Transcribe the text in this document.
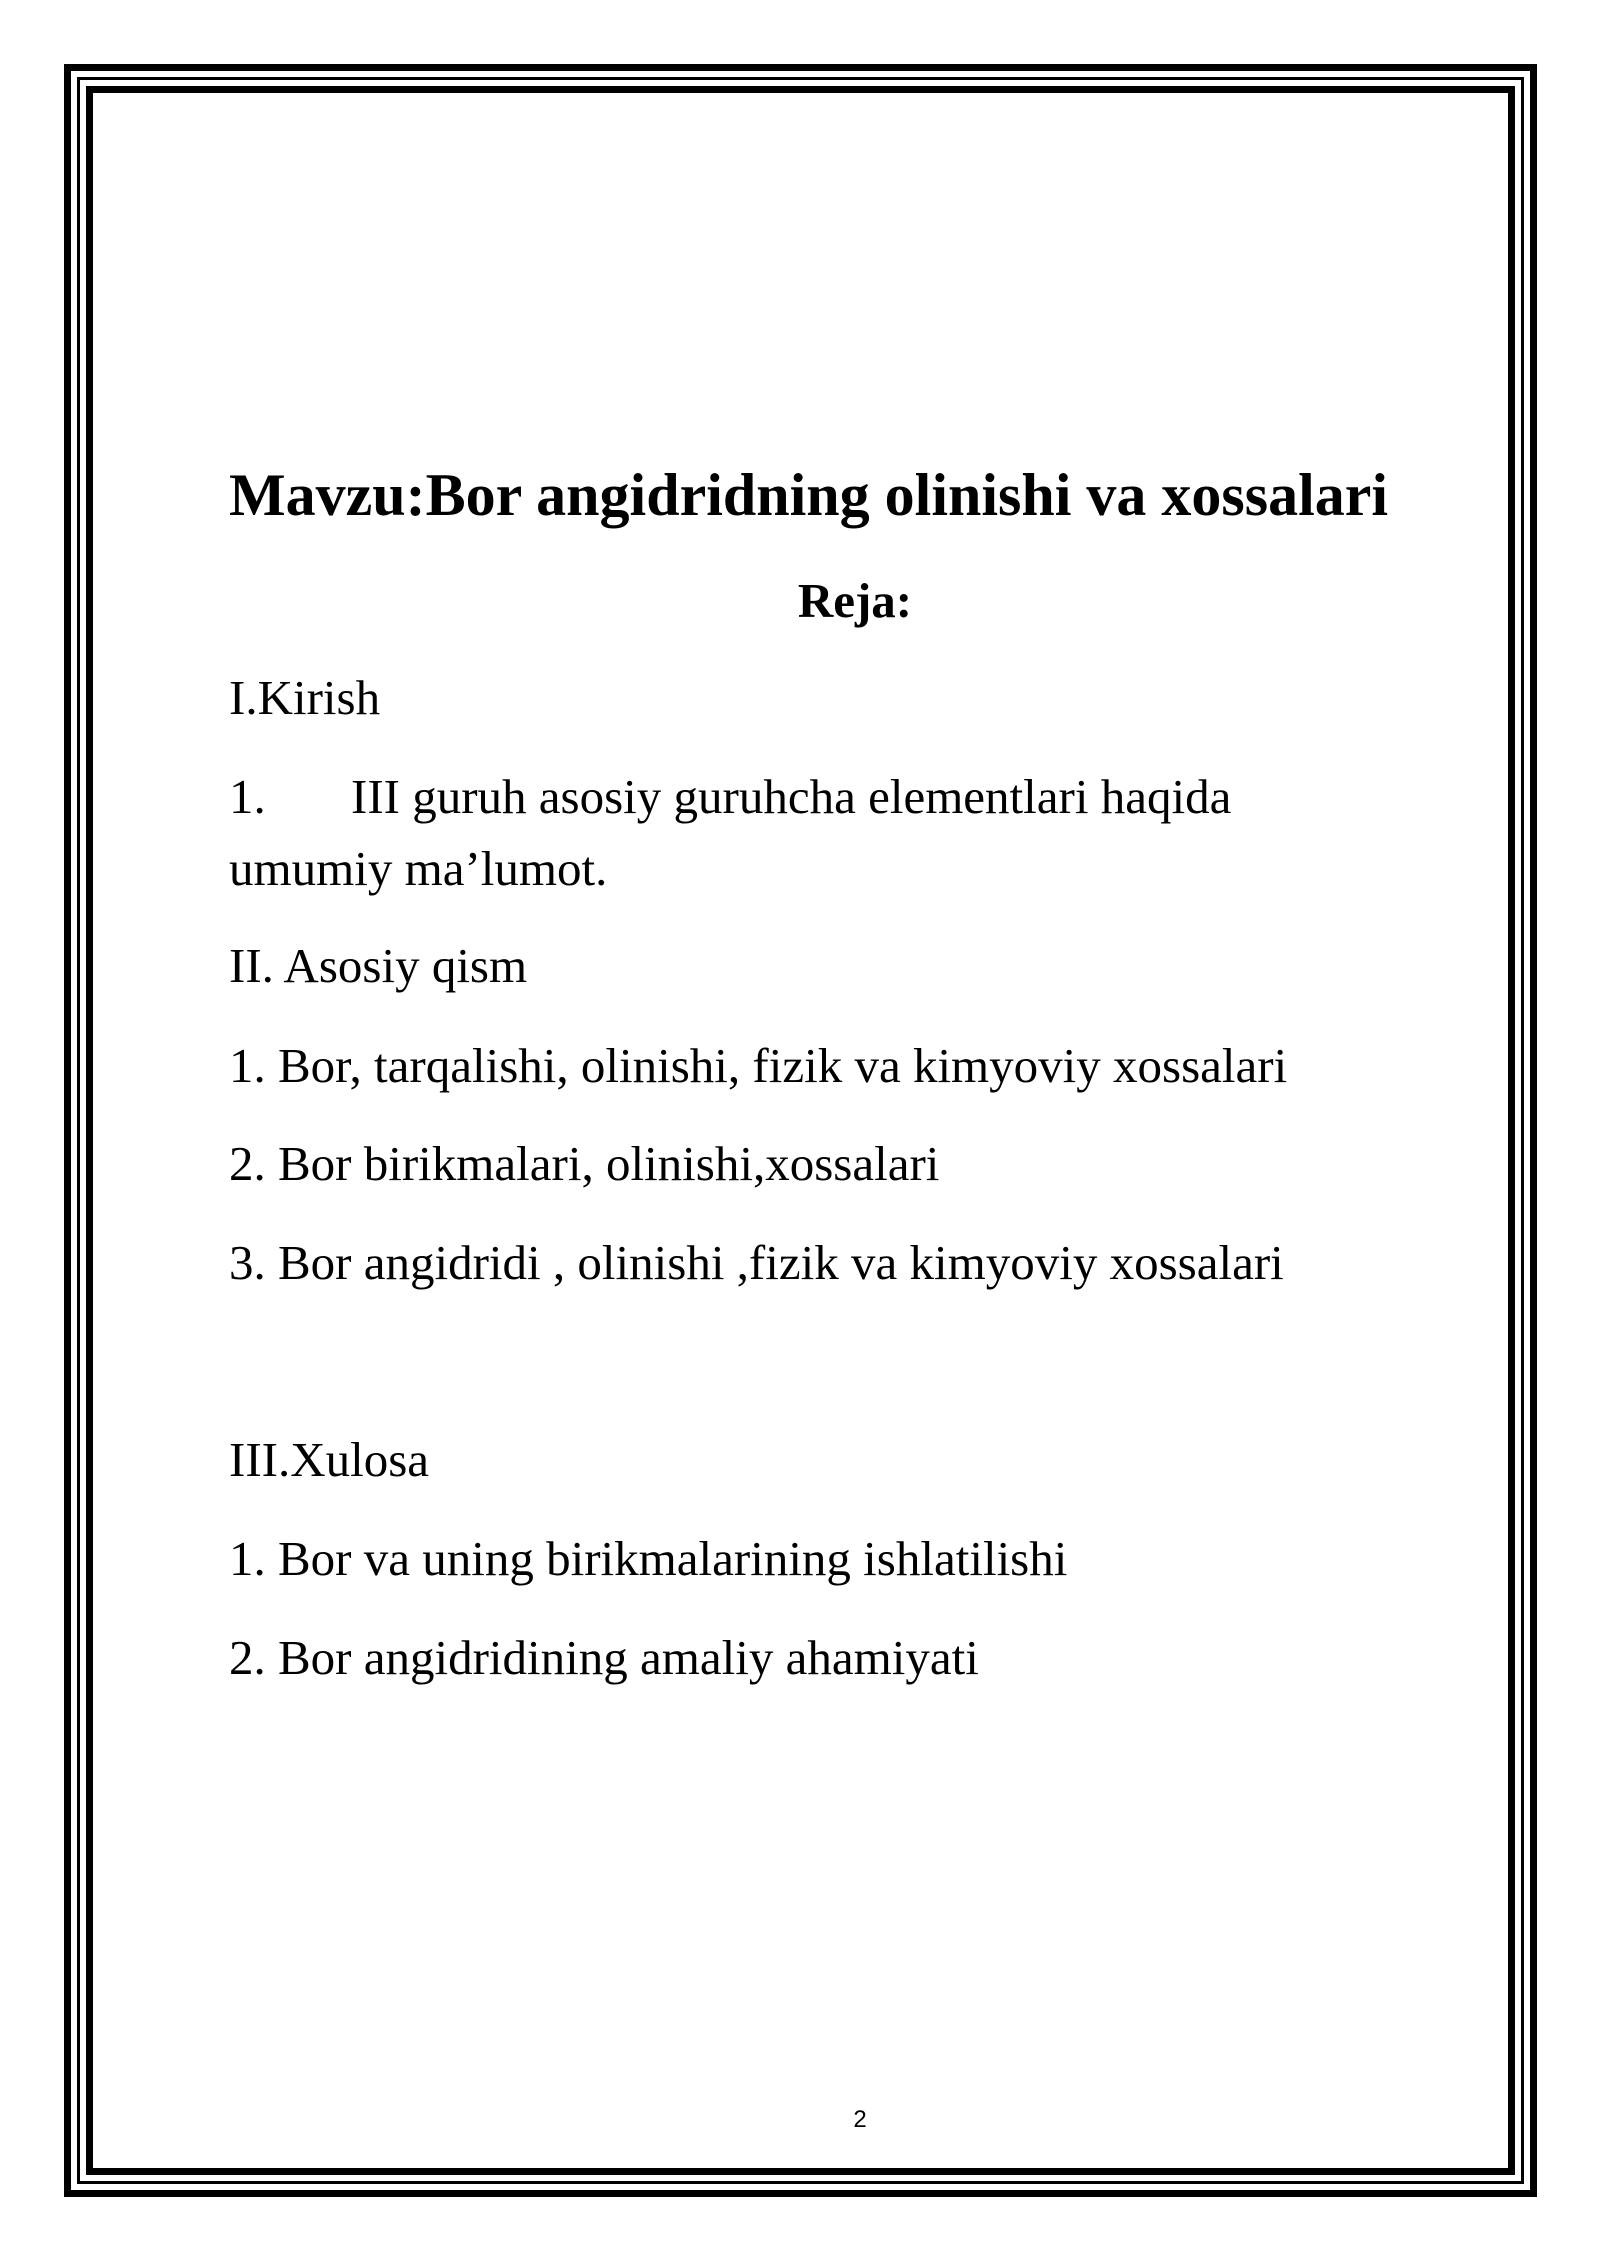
Mavzu:Bor angidridning olinishi va xossalari
Reja:

I.Kirish

1. III guruh asosiy guruhcha elementlari haqida

umumiy ma’lumot.

II. Asosiy qism

1. Bor, tarqalishi, olinishi, fizik va kimyoviy xossalari

2. Bor birikmalari, olinishi,xossalari

3. Bor angidridi , olinishi ,fizik va kimyoviy xossalari

III.Xulosa

1. Bor va uning birikmalarining ishlatilishi

2. Bor angidridining amaliy ahamiyati

2
